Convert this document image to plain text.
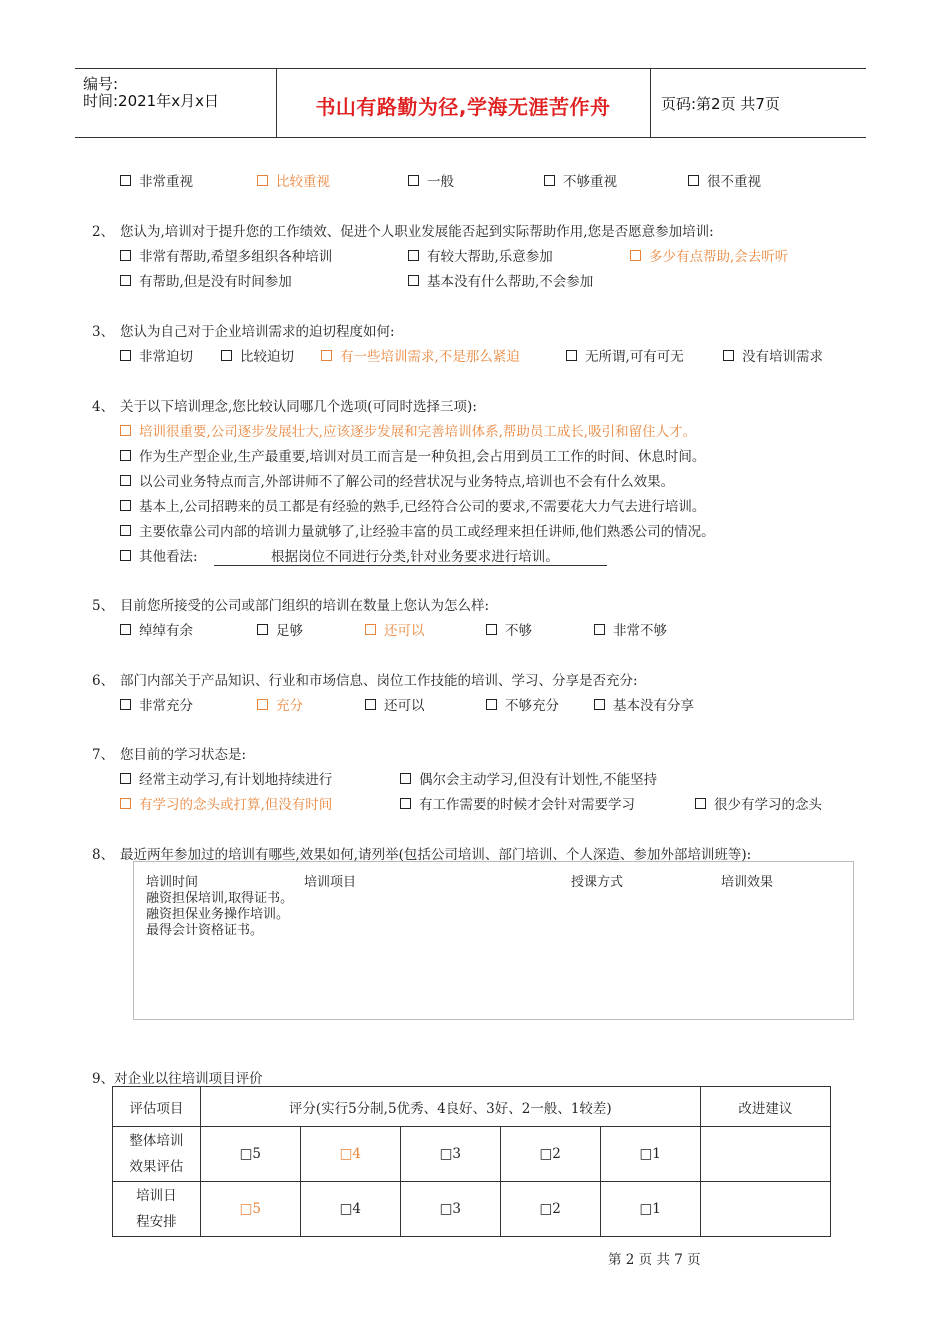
编号:
时间:2021年x月x日	书山有路勤为径,学海无涯苦作舟	页码:第2页 共7页
非常重视	比较重视	一般	不够重视	很不重视
2、 您认为,培训对于提升您的工作绩效、促进个人职业发展能否起到实际帮助作用,您是否愿意参加培训:
非常有帮助,希望多组织各种培训	有较大帮助,乐意参加	多少有点帮助,会去听听
有帮助,但是没有时间参加	基本没有什么帮助,不会参加
3、 您认为自己对于企业培训需求的迫切程度如何:
非常迫切	比较迫切	有一些培训需求,不是那么紧迫	无所谓,可有可无	没有培训需求
4、 关于以下培训理念,您比较认同哪几个选项(可同时选择三项):
培训很重要,公司逐步发展壮大,应该逐步发展和完善培训体系,帮助员工成长,吸引和留住人才。
作为生产型企业,生产最重要,培训对员工而言是一种负担,会占用到员工工作的时间、休息时间。
以公司业务特点而言,外部讲师不了解公司的经营状况与业务特点,培训也不会有什么效果。
基本上,公司招聘来的员工都是有经验的熟手,已经符合公司的要求,不需要花大力气去进行培训。
主要依靠公司内部的培训力量就够了,让经验丰富的员工或经理来担任讲师,他们熟悉公司的情况。
其他看法:	根据岗位不同进行分类,针对业务要求进行培训。
5、 目前您所接受的公司或部门组织的培训在数量上您认为怎么样:
绰绰有余	足够	还可以	不够	非常不够
6、 部门内部关于产品知识、行业和市场信息、岗位工作技能的培训、学习、分享是否充分:
非常充分	充分	还可以	不够充分	基本没有分享
7、 您目前的学习状态是:
经常主动学习,有计划地持续进行	偶尔会主动学习,但没有计划性,不能坚持
有学习的念头或打算,但没有时间	有工作需要的时候才会针对需要学习	很少有学习的念头
8、 最近两年参加过的培训有哪些,效果如何,请列举(包括公司培训、部门培训、个人深造、参加外部培训班等):
培训时间	培训项目	授课方式	培训效果
融资担保培训,取得证书。
融资担保业务操作培训。
最得会计资格证书。
9、对企业以往培训项目评价
评估项目	评分(实行5分制,5优秀、4良好、3好、2一般、1较差)					改进建议
整体培训
效果评估	□5	□4	□3	□2	□1	
培训日
程安排	□5	□4	□3	□2	□1	
第 2 页 共 7 页
